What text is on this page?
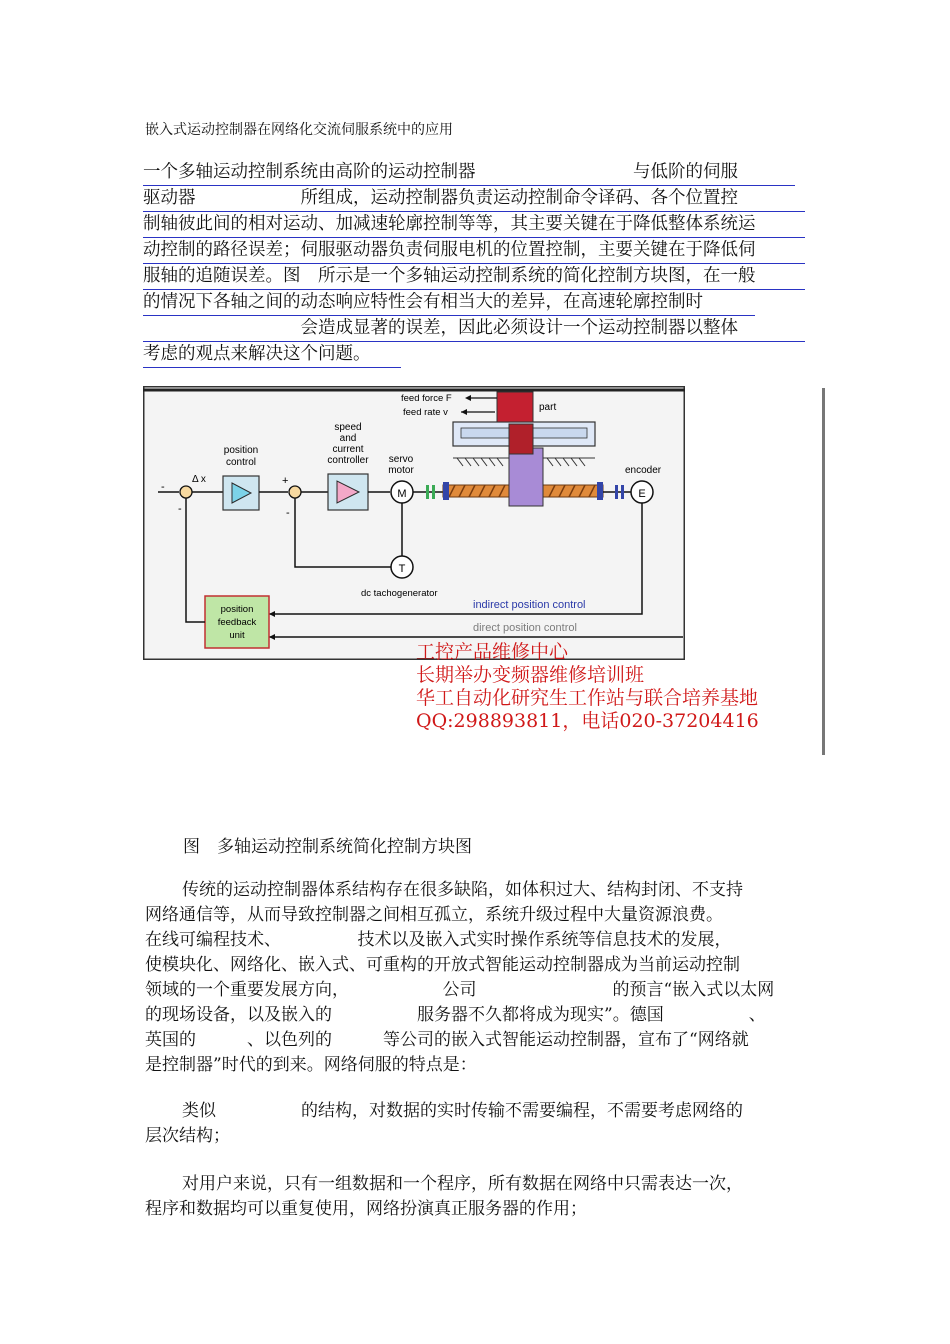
嵌入式运动控制器在网络化交流伺服系统中的应用
一个多轴运动控制系统由高阶的运动控制器　　　　　　　　　与低阶的伺服
驱动器　　　　　　所组成，运动控制器负责运动控制命令译码、各个位置控
制轴彼此间的相对运动、加减速轮廓控制等等，其主要关键在于降低整体系统运
动控制的路径误差；伺服驱动器负责伺服电机的位置控制，主要关键在于降低伺
服轴的追随误差。图　所示是一个多轴运动控制系统的简化控制方块图，在一般
的情况下各轴之间的动态响应特性会有相当大的差异，在高速轮廓控制时
　　　　　　　　　会造成显著的误差，因此必须设计一个运动控制器以整体
考虑的观点来解决这个问题。
Δ x
-
-
position
control
+
-
speed
and
current
controller
M
servo
motor
feed force F
feed rate v	part
E
encoder
T
dc tachogenerator
indirect position control
direct position control
position
feedback
unit
工控产品维修中心
长期举办变频器维修培训班
华工自动化研究生工作站与联合培养基地
QQ:298893811，电话020-37204416
图　多轴运动控制系统简化控制方块图
传统的运动控制器体系结构存在很多缺陷，如体积过大、结构封闭、不支持
网络通信等，从而导致控制器之间相互孤立，系统升级过程中大量资源浪费。
在线可编程技术、　　　　　技术以及嵌入式实时操作系统等信息技术的发展，
使模块化、网络化、嵌入式、可重构的开放式智能运动控制器成为当前运动控制
领域的一个重要发展方向，　　　　　　公司　　　　　　　　的预言“嵌入式以太网
的现场设备，以及嵌入的　　　　　服务器不久都将成为现实”。德国　　　　　、
英国的　　　、以色列的　　　等公司的嵌入式智能运动控制器，宣布了“网络就
是控制器”时代的到来。网络伺服的特点是：
类似　　　　　的结构，对数据的实时传输不需要编程，不需要考虑网络的
层次结构；
对用户来说，只有一组数据和一个程序，所有数据在网络中只需表达一次，
程序和数据均可以重复使用，网络扮演真正服务器的作用；
